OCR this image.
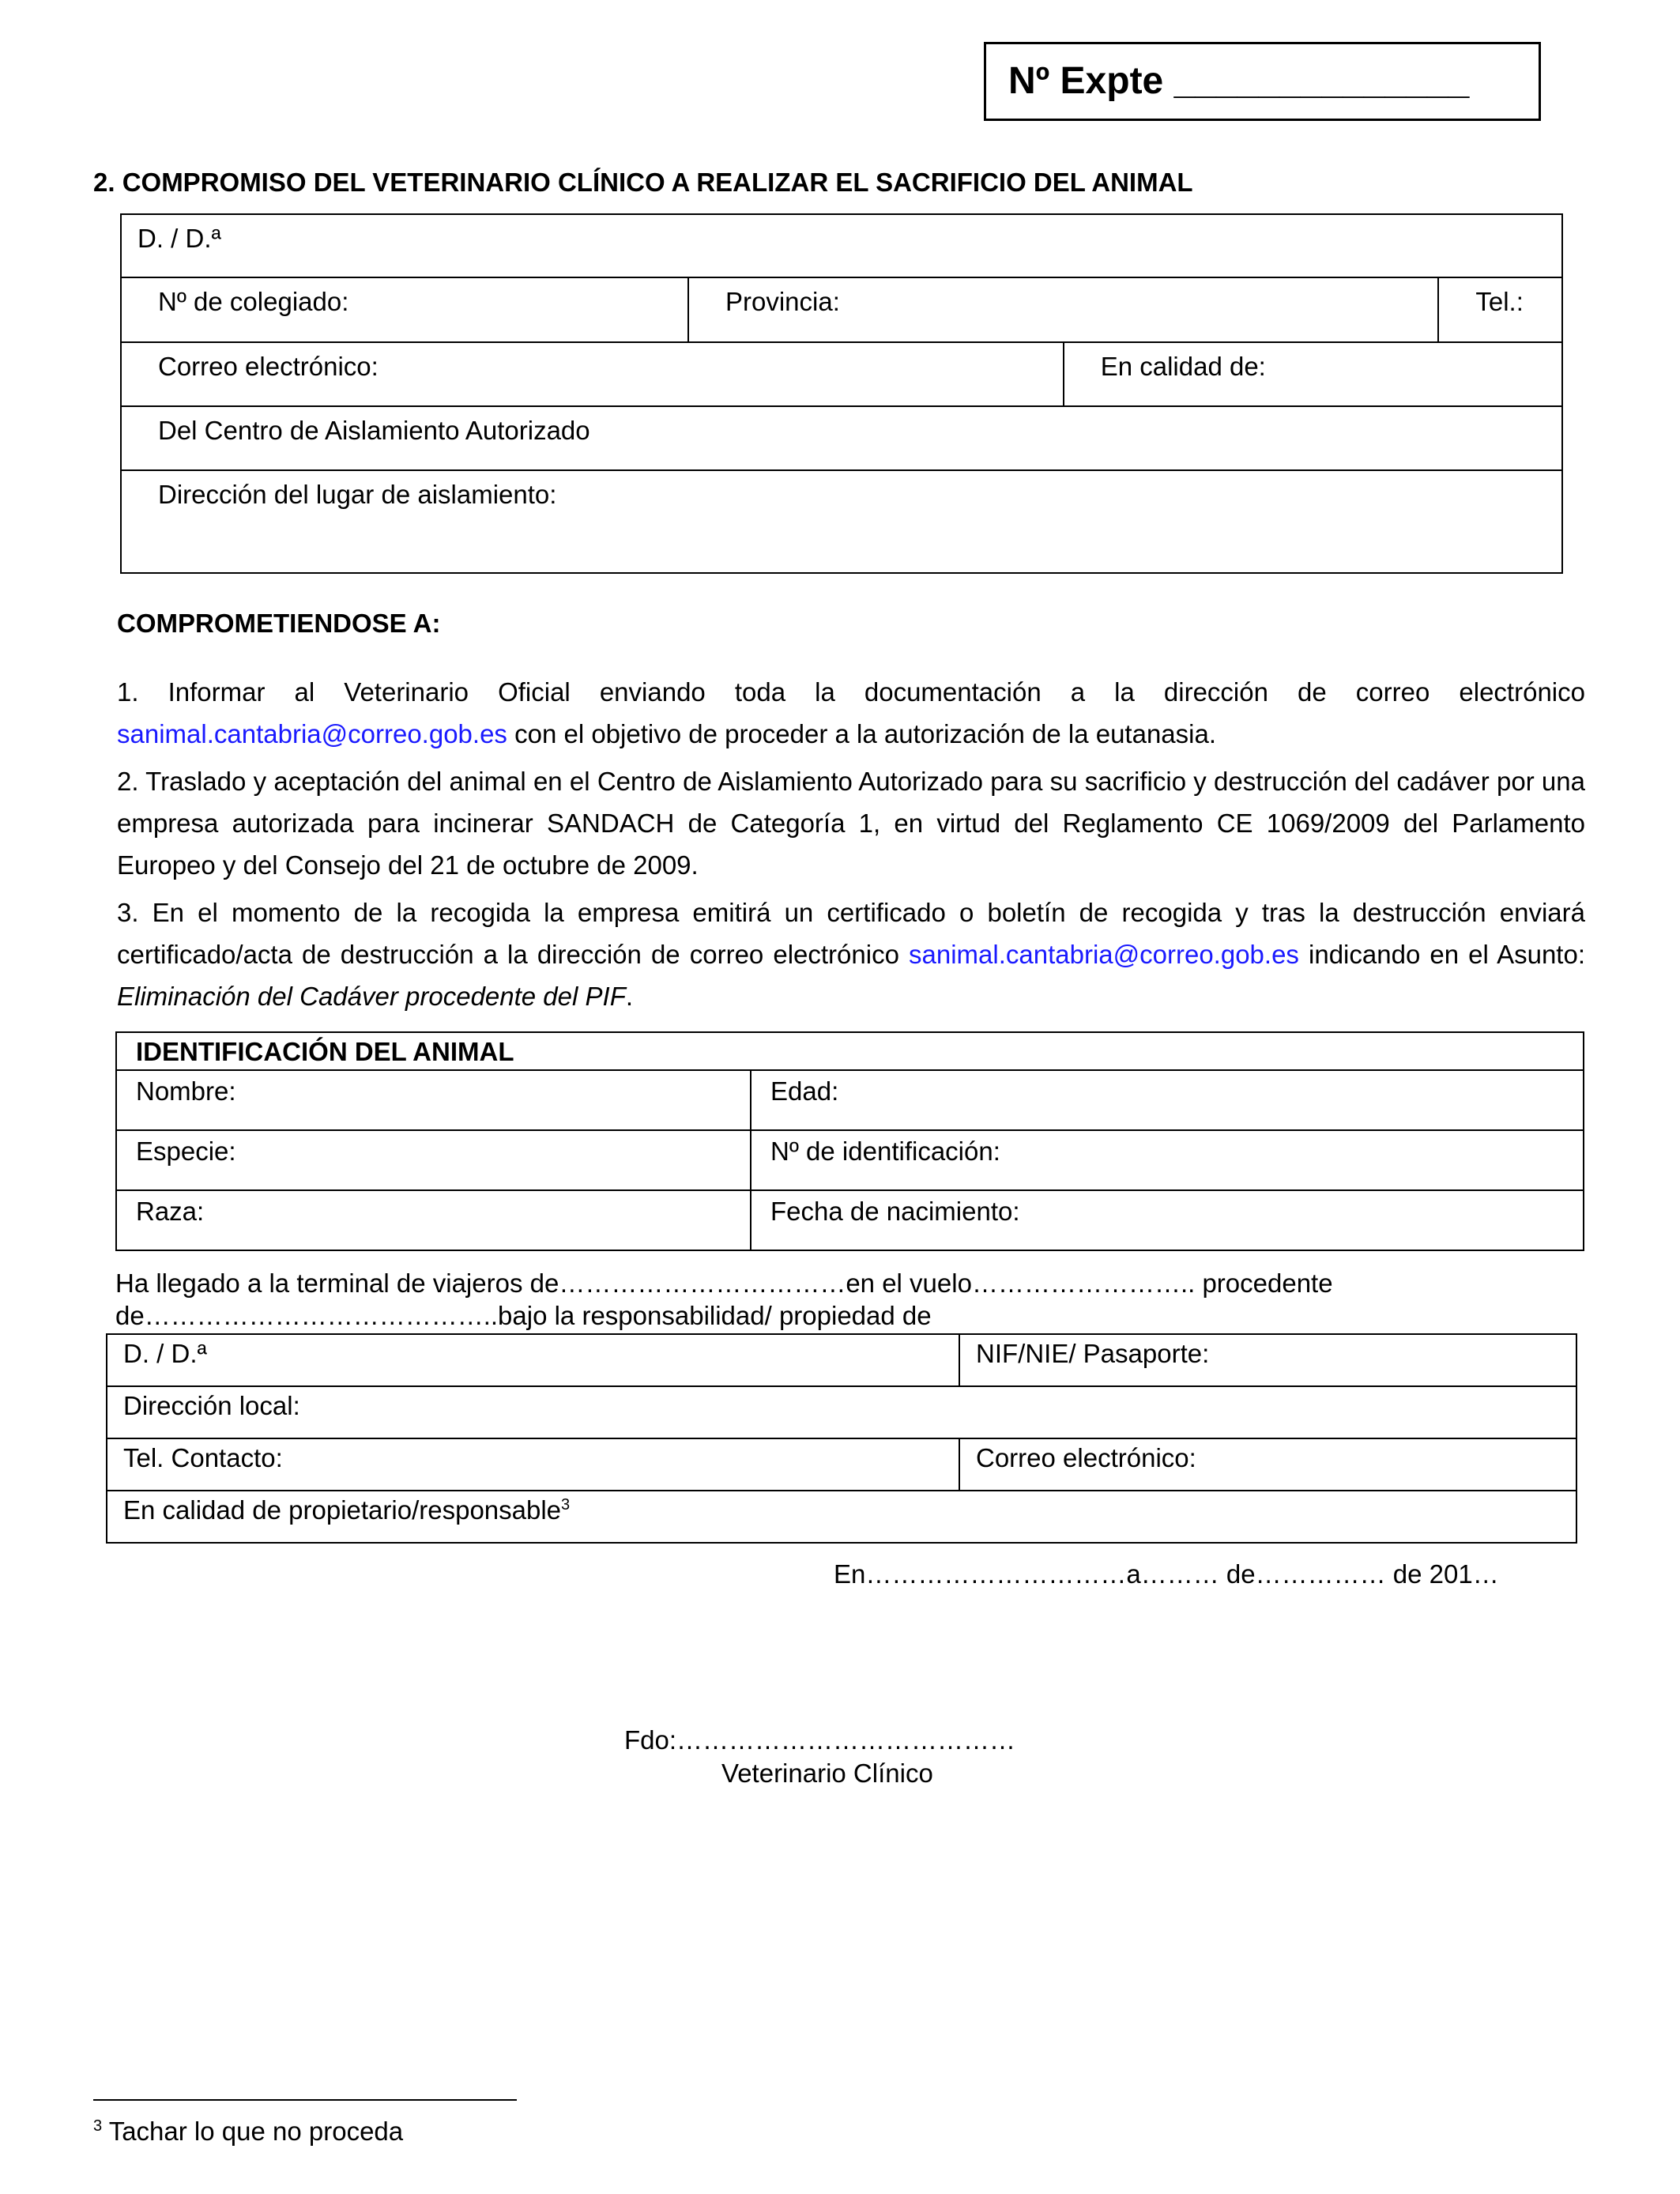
Nº Expte ______________
2. COMPROMISO DEL VETERINARIO CLÍNICO A REALIZAR EL SACRIFICIO DEL ANIMAL
D. / D.ª			
Nº de colegiado:	Provincia:		Tel.:
Correo electrónico:		En calidad de:	
Del Centro de Aislamiento Autorizado			
Dirección del lugar de aislamiento:			
COMPROMETIENDOSE A:
1. Informar al Veterinario Oficial enviando toda la documentación a la dirección de correo electrónico sanimal.cantabria@correo.gob.es con el objetivo de proceder a la autorización de la eutanasia.
2. Traslado y aceptación del animal en el Centro de Aislamiento Autorizado para su sacrificio y destrucción del cadáver por una empresa autorizada para incinerar SANDACH de Categoría 1, en virtud del Reglamento CE 1069/2009 del Parlamento Europeo y del Consejo del 21 de octubre de 2009.
3. En el momento de la recogida la empresa emitirá un certificado o boletín de recogida y tras la destrucción enviará certificado/acta de destrucción a la dirección de correo electrónico sanimal.cantabria@correo.gob.es indicando en el Asunto: Eliminación del Cadáver procedente del PIF.
IDENTIFICACIÓN DEL ANIMAL	
Nombre:	Edad:
Especie:	Nº de identificación:
Raza:	Fecha de nacimiento:
Ha llegado a la terminal de viajeros de……………………………en el vuelo…………………….. procedente
de…………………………………..bajo la responsabilidad/ propiedad de
D. / D.ª	NIF/NIE/ Pasaporte:
Dirección local:	
Tel. Contacto:	Correo electrónico:
En calidad de propietario/responsable$^3$
En…………………………a……… de…………… de 201…
Fdo:…………………………………
Veterinario Clínico
$^3$ Tachar lo que no proceda
